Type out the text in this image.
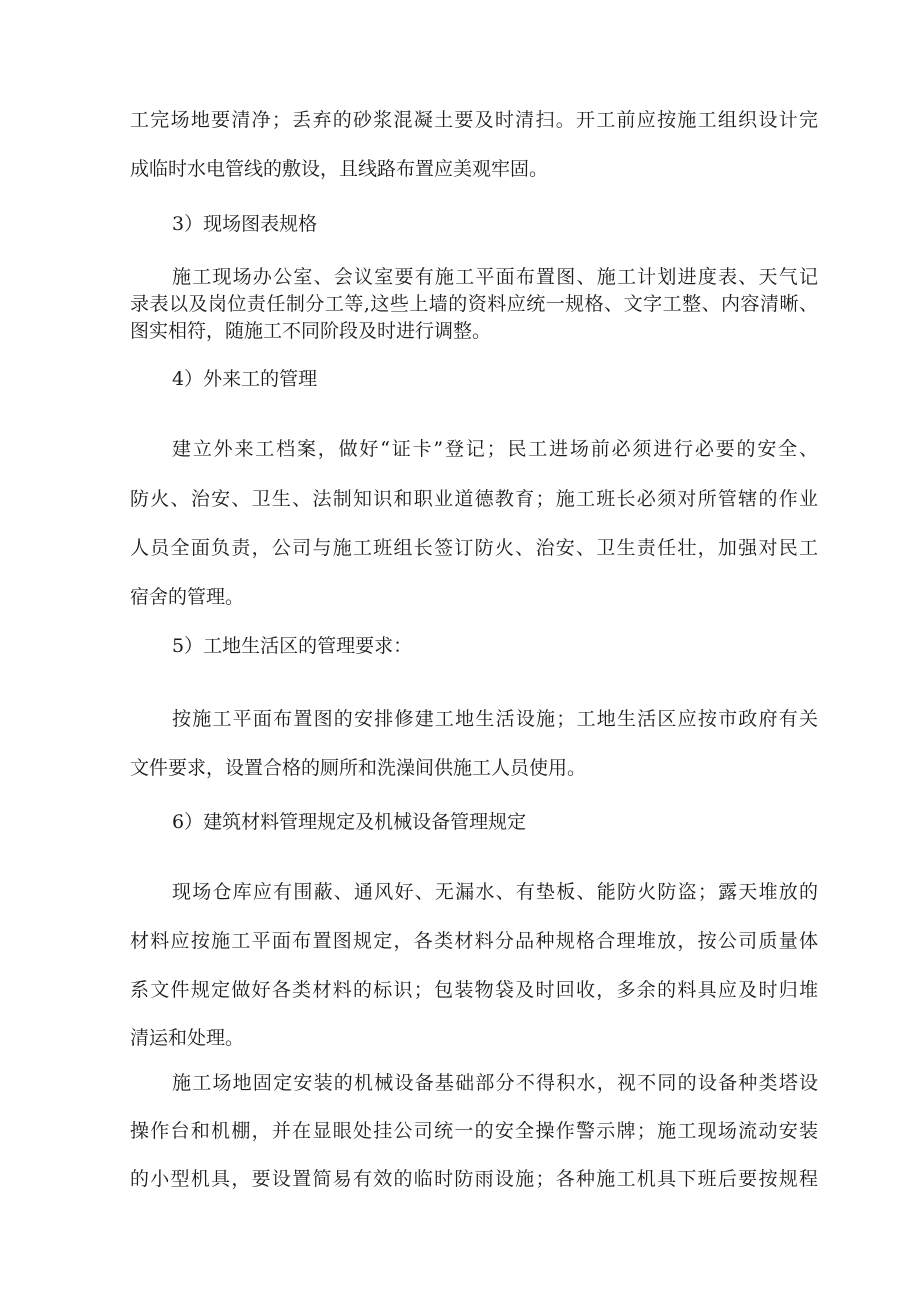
工完场地要清净；丢弃的砂浆混凝土要及时清扫。开工前应按施工组织设计完
成临时水电管线的敷设，且线路布置应美观牢固。
3）现场图表规格
施工现场办公室、会议室要有施工平面布置图、施工计划进度表、天气记
录表以及岗位责任制分工等,这些上墙的资料应统一规格、文字工整、内容清晰、
图实相符，随施工不同阶段及时进行调整。
4）外来工的管理
建立外来工档案，做好“证卡”登记；民工进场前必须进行必要的安全、
防火、治安、卫生、法制知识和职业道德教育；施工班长必须对所管辖的作业
人员全面负责，公司与施工班组长签订防火、治安、卫生责任壮，加强对民工
宿舍的管理。
5）工地生活区的管理要求：
按施工平面布置图的安排修建工地生活设施；工地生活区应按市政府有关
文件要求，设置合格的厕所和洗澡间供施工人员使用。
6）建筑材料管理规定及机械设备管理规定
现场仓库应有围蔽、通风好、无漏水、有垫板、能防火防盗；露天堆放的
材料应按施工平面布置图规定，各类材料分品种规格合理堆放，按公司质量体
系文件规定做好各类材料的标识；包装物袋及时回收，多余的料具应及时归堆
清运和处理。
施工场地固定安装的机械设备基础部分不得积水，视不同的设备种类塔设
操作台和机棚，并在显眼处挂公司统一的安全操作警示牌；施工现场流动安装
的小型机具，要设置简易有效的临时防雨设施；各种施工机具下班后要按规程
